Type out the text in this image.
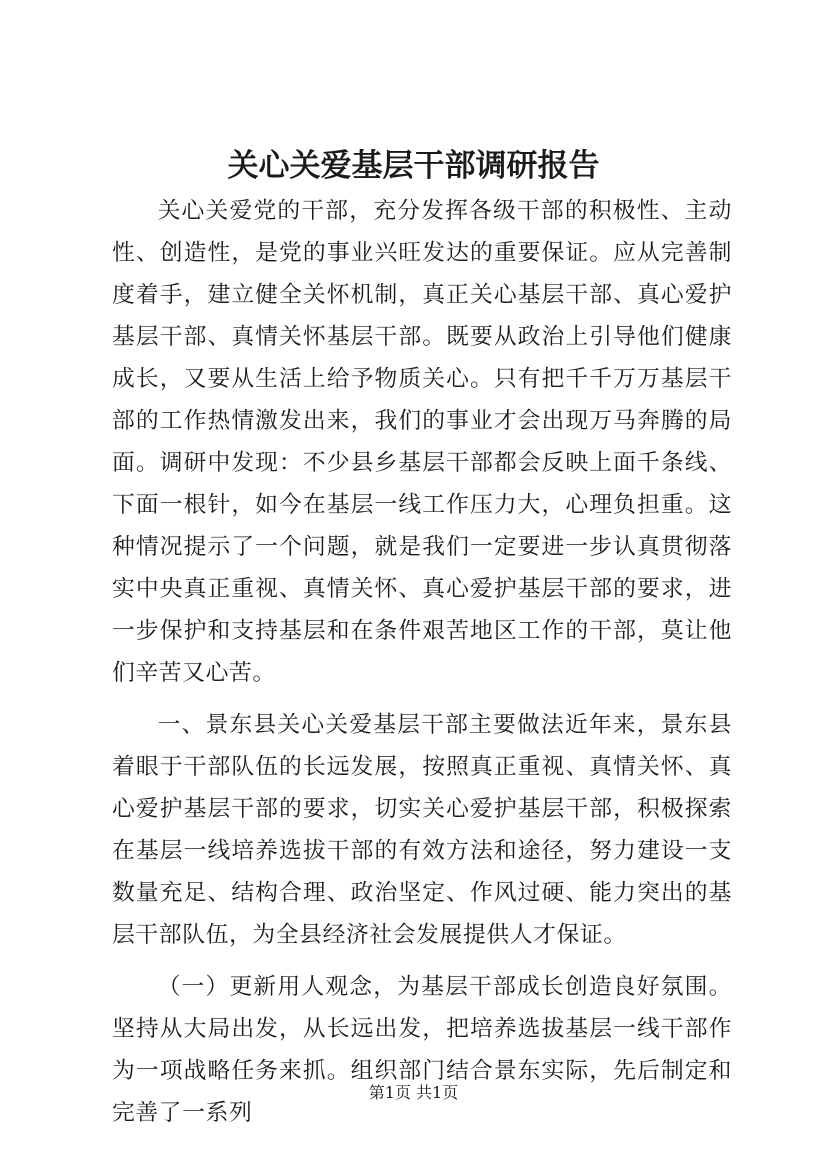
关心关爱基层干部调研报告

关心关爱党的干部，充分发挥各级干部的积极性、主动性、创造性，是党的事业兴旺发达的重要保证。应从完善制度着手，建立健全关怀机制，真正关心基层干部、真心爱护基层干部、真情关怀基层干部。既要从政治上引导他们健康成长，又要从生活上给予物质关心。只有把千千万万基层干部的工作热情激发出来，我们的事业才会出现万马奔腾的局面。调研中发现：不少县乡基层干部都会反映上面千条线、下面一根针，如今在基层一线工作压力大，心理负担重。这种情况提示了一个问题，就是我们一定要进一步认真贯彻落实中央真正重视、真情关怀、真心爱护基层干部的要求，进一步保护和支持基层和在条件艰苦地区工作的干部，莫让他们辛苦又心苦。

一、景东县关心关爱基层干部主要做法近年来，景东县着眼于干部队伍的长远发展，按照真正重视、真情关怀、真心爱护基层干部的要求，切实关心爱护基层干部，积极探索在基层一线培养选拔干部的有效方法和途径，努力建设一支数量充足、结构合理、政治坚定、作风过硬、能力突出的基层干部队伍，为全县经济社会发展提供人才保证。

（一）更新用人观念，为基层干部成长创造良好氛围。坚持从大局出发，从长远出发，把培养选拔基层一线干部作为一项战略任务来抓。组织部门结合景东实际，先后制定和完善了一系列

第1页 共1页
